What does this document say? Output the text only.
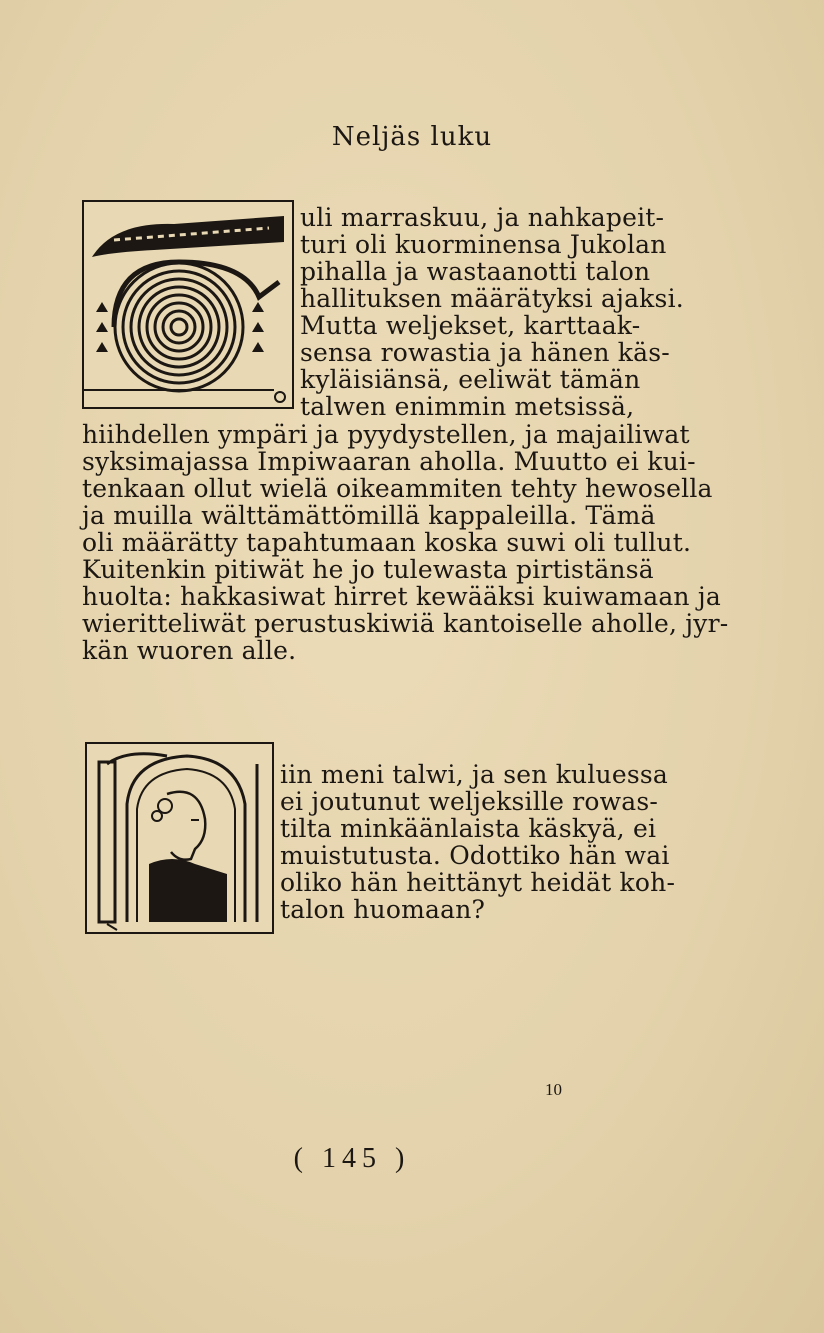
Neljäs luku
uli marraskuu, ja nahkapeit-
turi oli kuorminensa Jukolan
pihalla ja wastaanotti talon
hallituksen määrätyksi ajaksi.
Mutta weljekset, karttaak-
sensa rowastia ja hänen käs-
kyläisiänsä, eeliwät tämän
talwen enimmin metsissä,
hiihdellen ympäri ja pyydystellen, ja majailiwat
syksimajassa Impiwaaran aholla. Muutto ei kui-
tenkaan ollut wielä oikeammiten tehty hewosella
ja muilla wälttämättömillä kappaleilla. Tämä
oli määrätty tapahtumaan koska suwi oli tullut.
Kuitenkin pitiwät he jo tulewasta pirtistänsä
huolta: hakkasiwat hirret kewääksi kuiwamaan ja
wieritteliwät perustuskiwiä kantoiselle aholle, jyr-
kän wuoren alle.
iin meni talwi, ja sen kuluessa
ei joutunut weljeksille rowas-
tilta minkäänlaista käskyä, ei
muistutusta. Odottiko hän wai
oliko hän heittänyt heidät koh-
talon huomaan?
10
( 145 )
